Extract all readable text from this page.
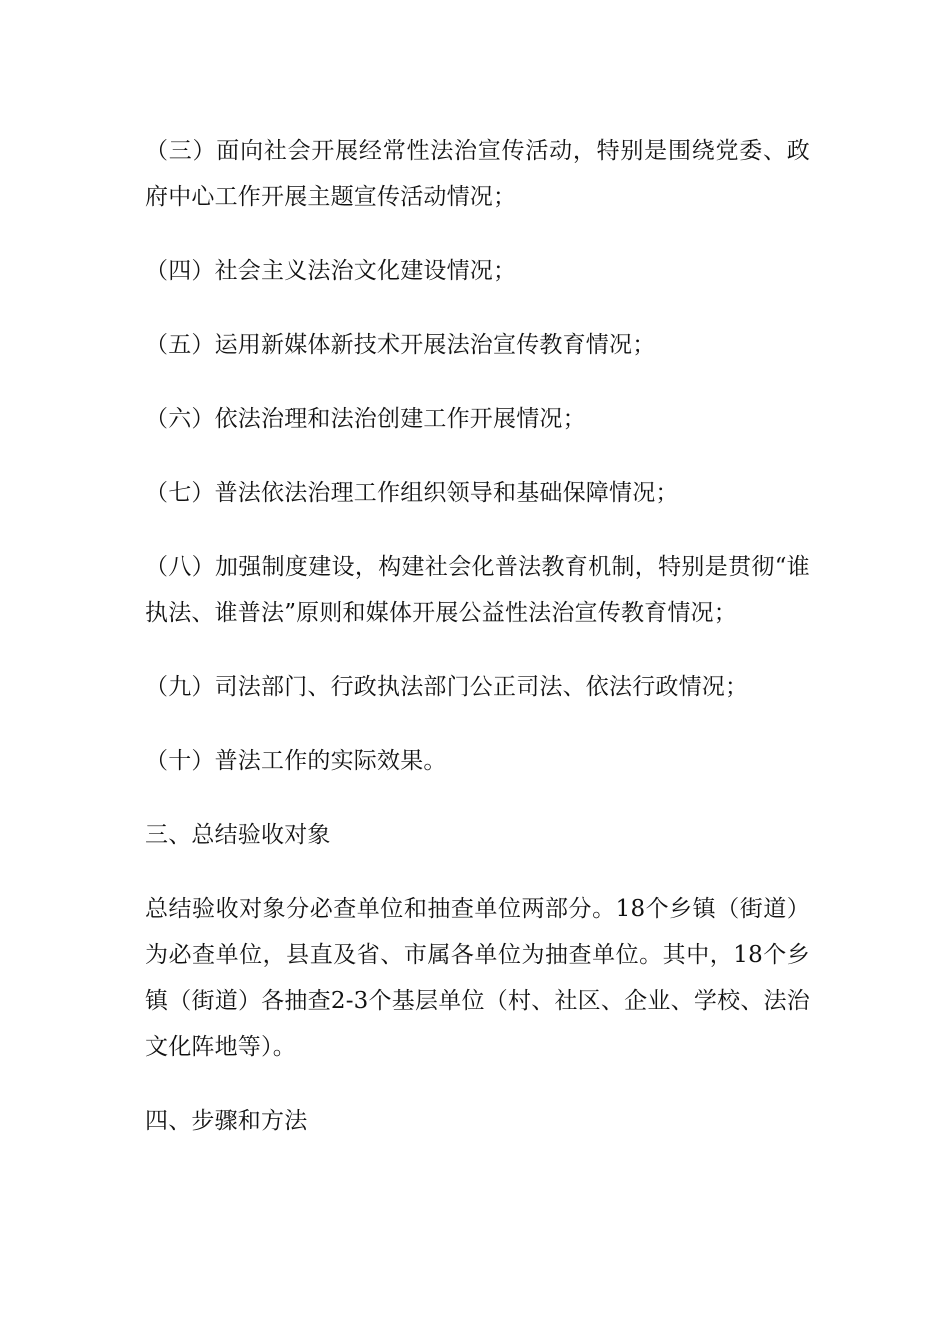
（三）面向社会开展经常性法治宣传活动，特别是围绕党委、政府中心工作开展主题宣传活动情况；

（四）社会主义法治文化建设情况；

（五）运用新媒体新技术开展法治宣传教育情况；

（六）依法治理和法治创建工作开展情况；

（七）普法依法治理工作组织领导和基础保障情况；

（八）加强制度建设，构建社会化普法教育机制，特别是贯彻“谁执法、谁普法”原则和媒体开展公益性法治宣传教育情况；

（九）司法部门、行政执法部门公正司法、依法行政情况；

（十）普法工作的实际效果。

三、总结验收对象

总结验收对象分必查单位和抽查单位两部分。18个乡镇（街道）为必查单位，县直及省、市属各单位为抽查单位。其中，18个乡镇（街道）各抽查2-3个基层单位（村、社区、企业、学校、法治文化阵地等）。

四、步骤和方法
